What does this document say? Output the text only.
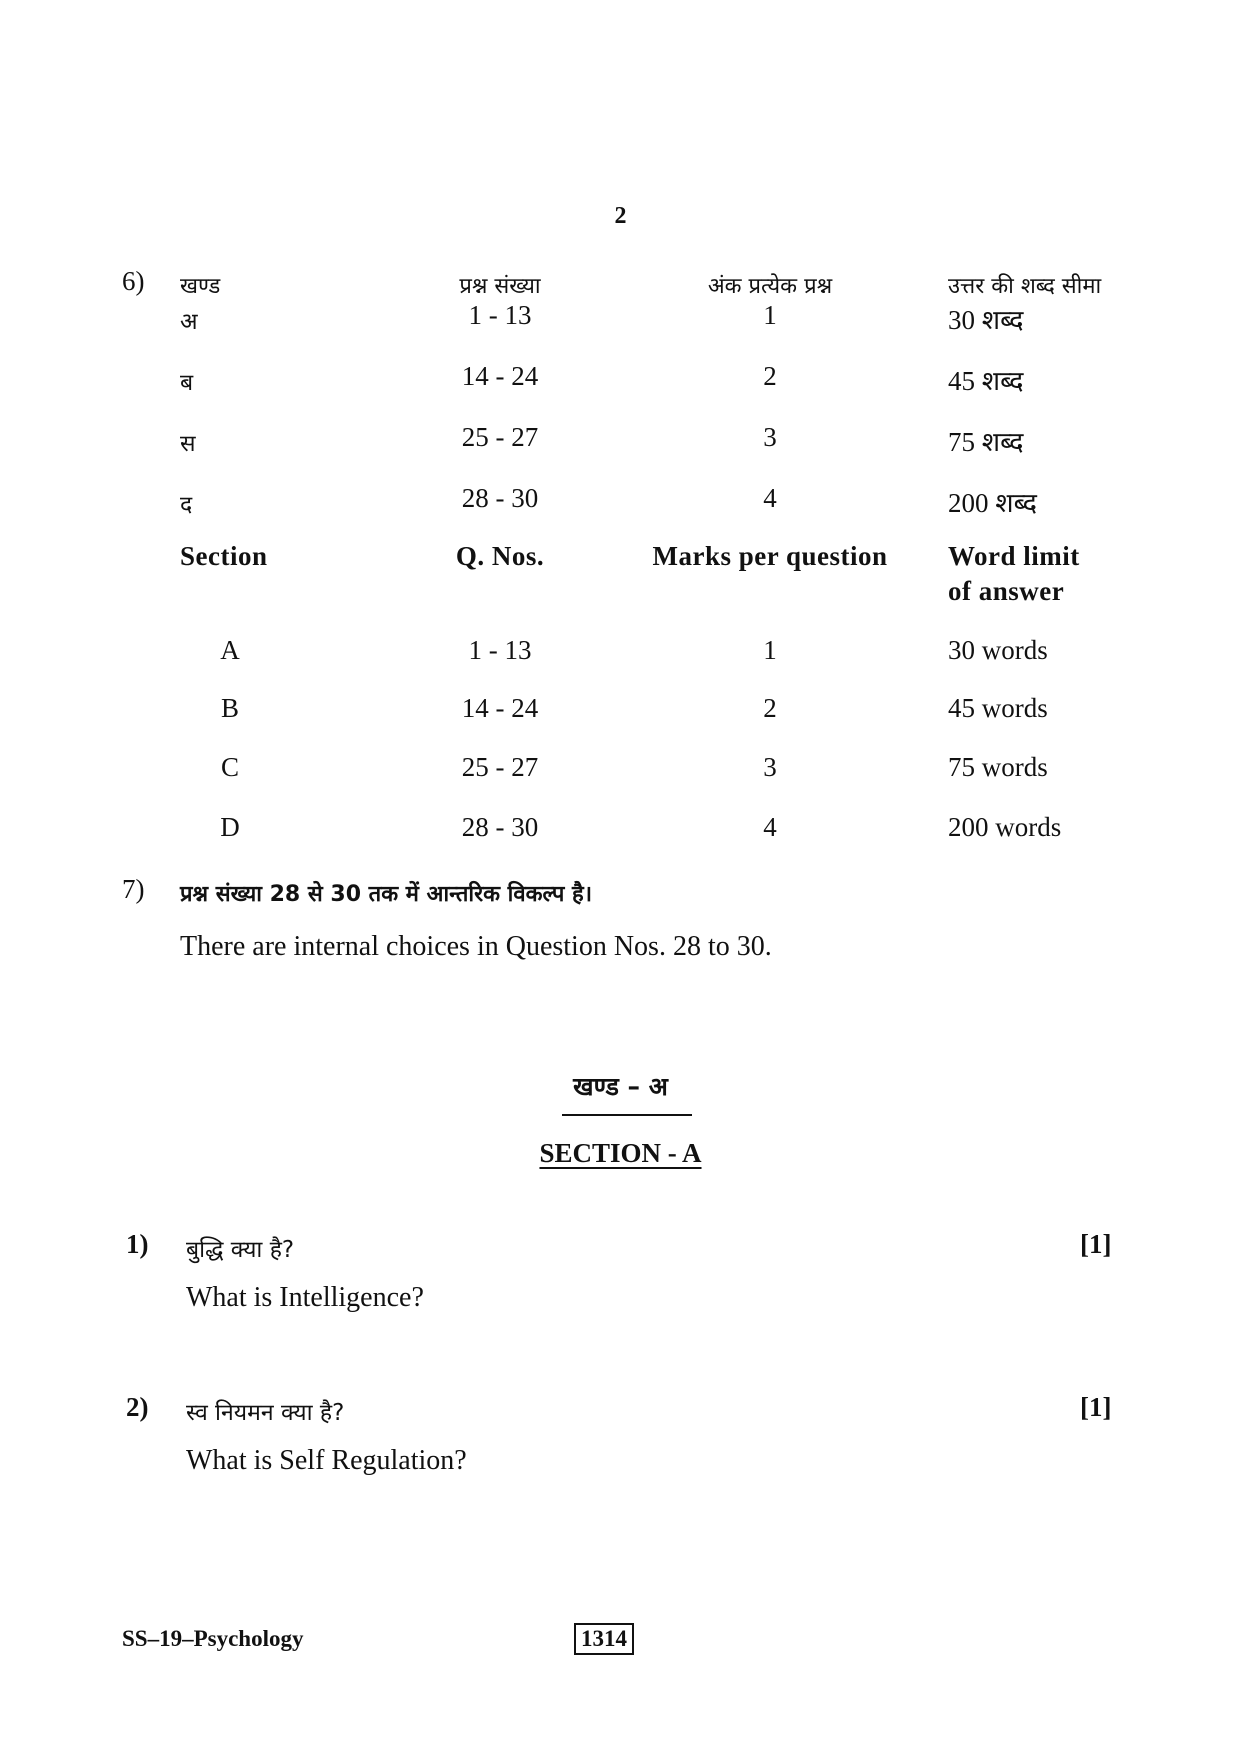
2
6) खण्ड	प्रश्न संख्या	अंक प्रत्येक प्रश्न	उत्तर की शब्द सीमा
अ	1 - 13	1	30 शब्द
ब	14 - 24	2	45 शब्द
स	25 - 27	3	75 शब्द
द	28 - 30	4	200 शब्द
Section	Q. Nos.	Marks per question	Word limit
of answer
A	1 - 13	1	30 words
B	14 - 24	2	45 words
C	25 - 27	3	75 words
D	28 - 30	4	200 words
7) प्रश्न संख्या 28 से 30 तक में आन्तरिक विकल्प है।
There are internal choices in Question Nos. 28 to 30.
खण्ड – अ
SECTION - A
1) बुद्धि क्या है?	[1]
What is Intelligence?
2) स्व नियमन क्या है?	[1]
What is Self Regulation?
SS–19–Psychology	1314
